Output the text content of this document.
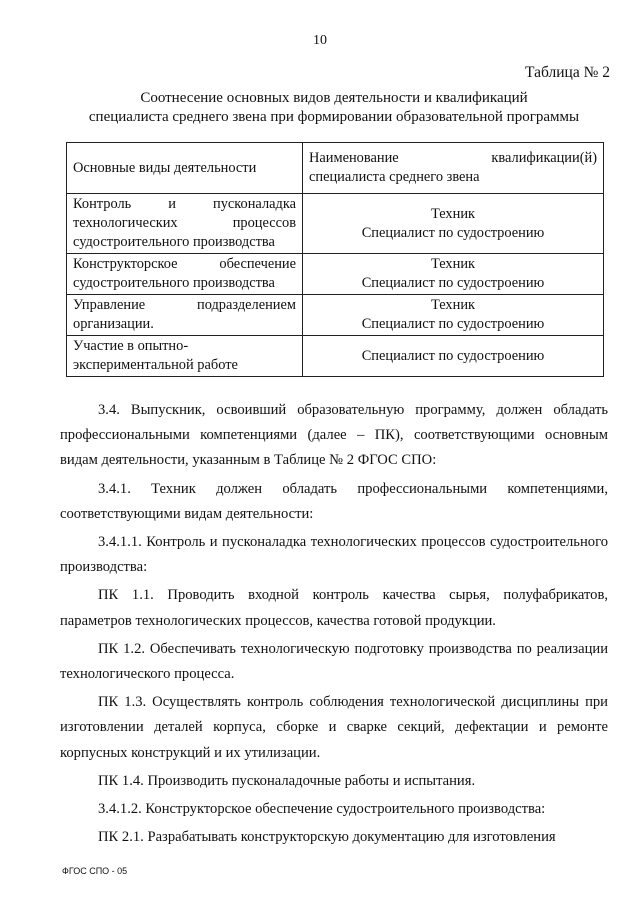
10
Таблица № 2
Соотнесение основных видов деятельности и квалификаций
специалиста среднего звена при формировании образовательной программы
Основные виды деятельности	Наименование квалификации(й)
специалиста среднего звена

Контроль и пусконаладка технологических процессов судостроительного производства	Техник
Специалист по судостроению

Конструкторское обеспечение судостроительного производства	Техник
Специалист по судостроению

Управление подразделением организации.	Техник
Специалист по судостроению

Участие в опытно-экспериментальной работе	Специалист по судостроению

3.4. Выпускник, освоивший образовательную программу, должен обладать профессиональными компетенциями (далее – ПК), соответствующими основным видам деятельности, указанным в Таблице № 2 ФГОС СПО:

3.4.1. Техник должен обладать профессиональными компетенциями, соответствующими видам деятельности:

3.4.1.1. Контроль и пусконаладка технологических процессов судостроительного производства:

ПК 1.1. Проводить входной контроль качества сырья, полуфабрикатов, параметров технологических процессов, качества готовой продукции.

ПК 1.2. Обеспечивать технологическую подготовку производства по реализации технологического процесса.

ПК 1.3. Осуществлять контроль соблюдения технологической дисциплины при изготовлении деталей корпуса, сборке и сварке секций, дефектации и ремонте корпусных конструкций и их утилизации.

ПК 1.4. Производить пусконаладочные работы и испытания.

3.4.1.2. Конструкторское обеспечение судостроительного производства:

ПК 2.1. Разрабатывать конструкторскую документацию для изготовления

ФГОС СПО - 05
